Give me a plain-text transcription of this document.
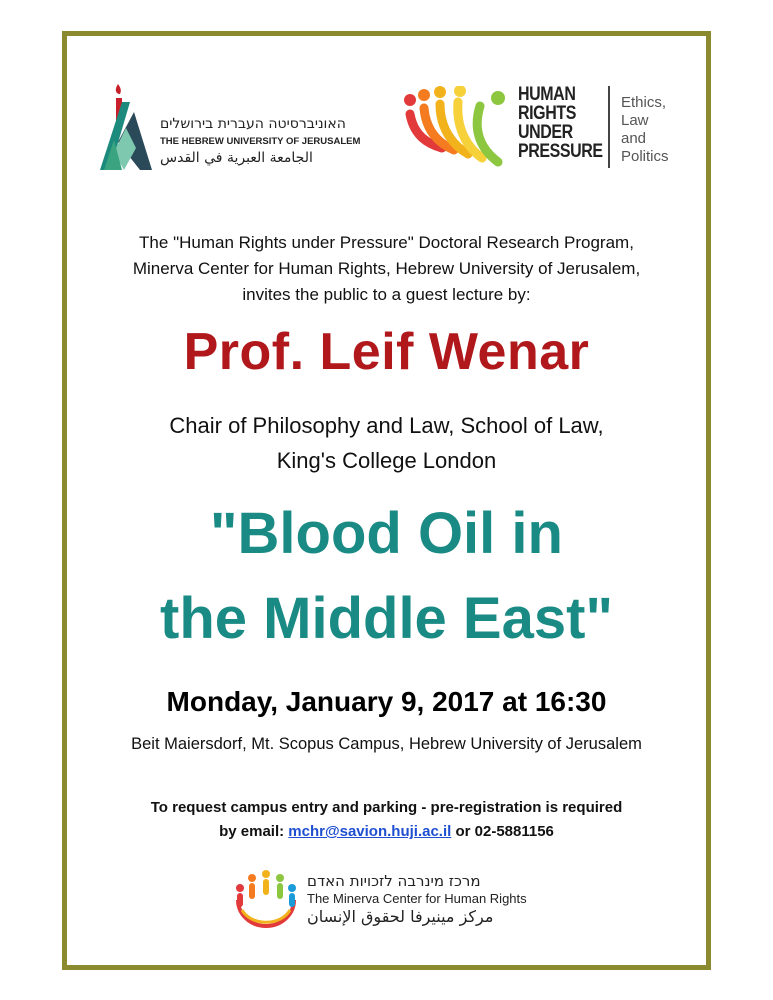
האוניברסיטה העברית בירושלים
THE HEBREW UNIVERSITY OF JERUSALEM
الجامعة العبرية في القدس
HUMAN
RIGHTS
UNDER
PRESSURE
Ethics,
Law
and
Politics
The "Human Rights under Pressure" Doctoral Research Program,
Minerva Center for Human Rights, Hebrew University of Jerusalem,
invites the public to a guest lecture by:
Prof. Leif Wenar
Chair of Philosophy and Law, School of Law,
King's College London
"Blood Oil in
the Middle East"
Monday, January 9, 2017 at 16:30
Beit Maiersdorf, Mt. Scopus Campus, Hebrew University of Jerusalem
To request campus entry and parking - pre-registration is required
by email: mchr@savion.huji.ac.il or 02-5881156
מרכז מינרבה לזכויות האדם
The Minerva Center for Human Rights
مركز مينيرفا لحقوق الإنسان
